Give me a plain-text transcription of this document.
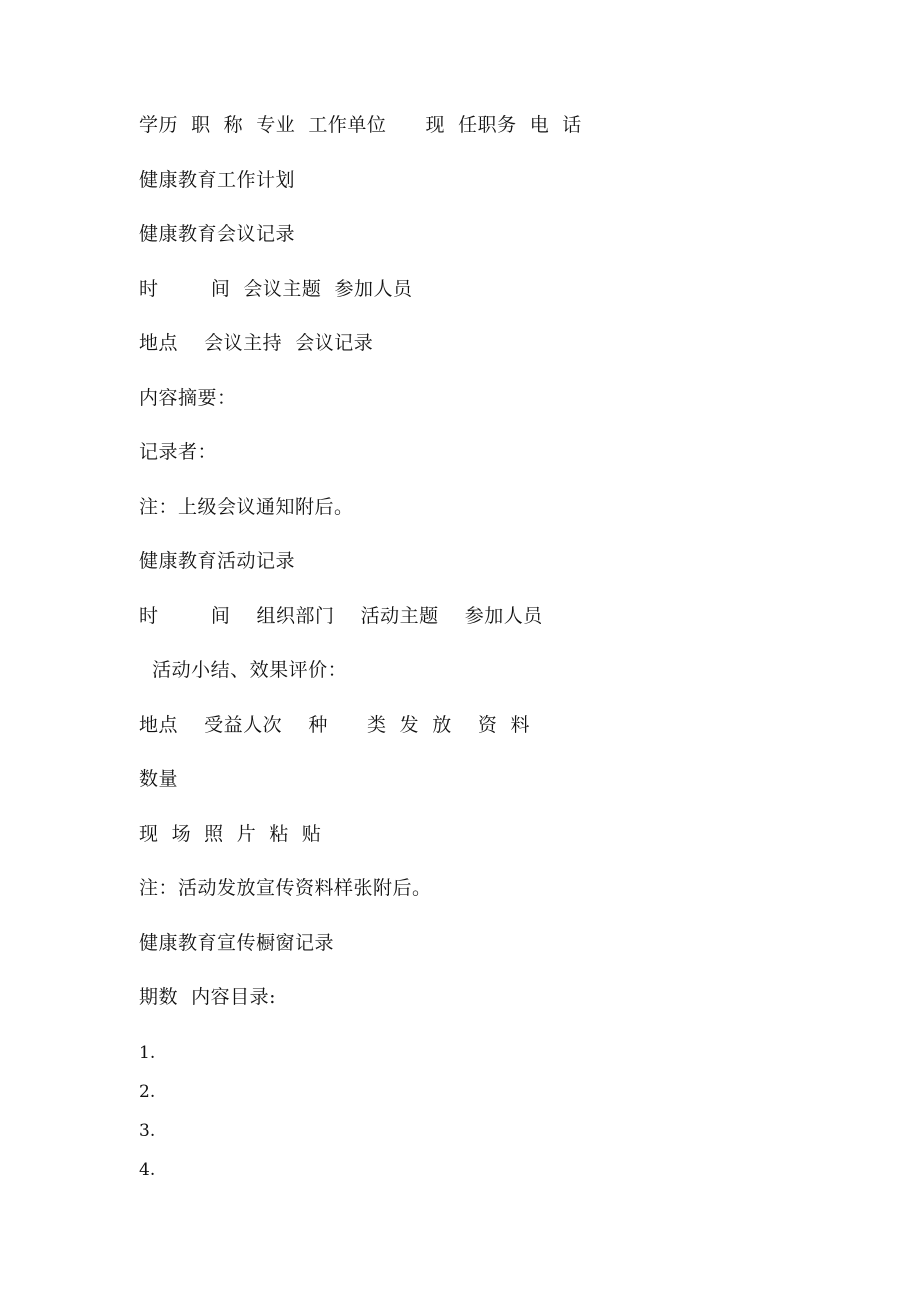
学历  职  称  专业  工作单位      现  任职务  电  话
健康教育工作计划
健康教育会议记录
时        间  会议主题  参加人员
地点    会议主持  会议记录
内容摘要：
记录者：
注：上级会议通知附后。
健康教育活动记录
时        间    组织部门    活动主题    参加人员
活动小结、效果评价：
地点    受益人次    种      类  发  放    资  料
数量
现  场  照  片  粘  贴
注：活动发放宣传资料样张附后。
健康教育宣传橱窗记录
期数  内容目录:
1.
2.
3.
4.
